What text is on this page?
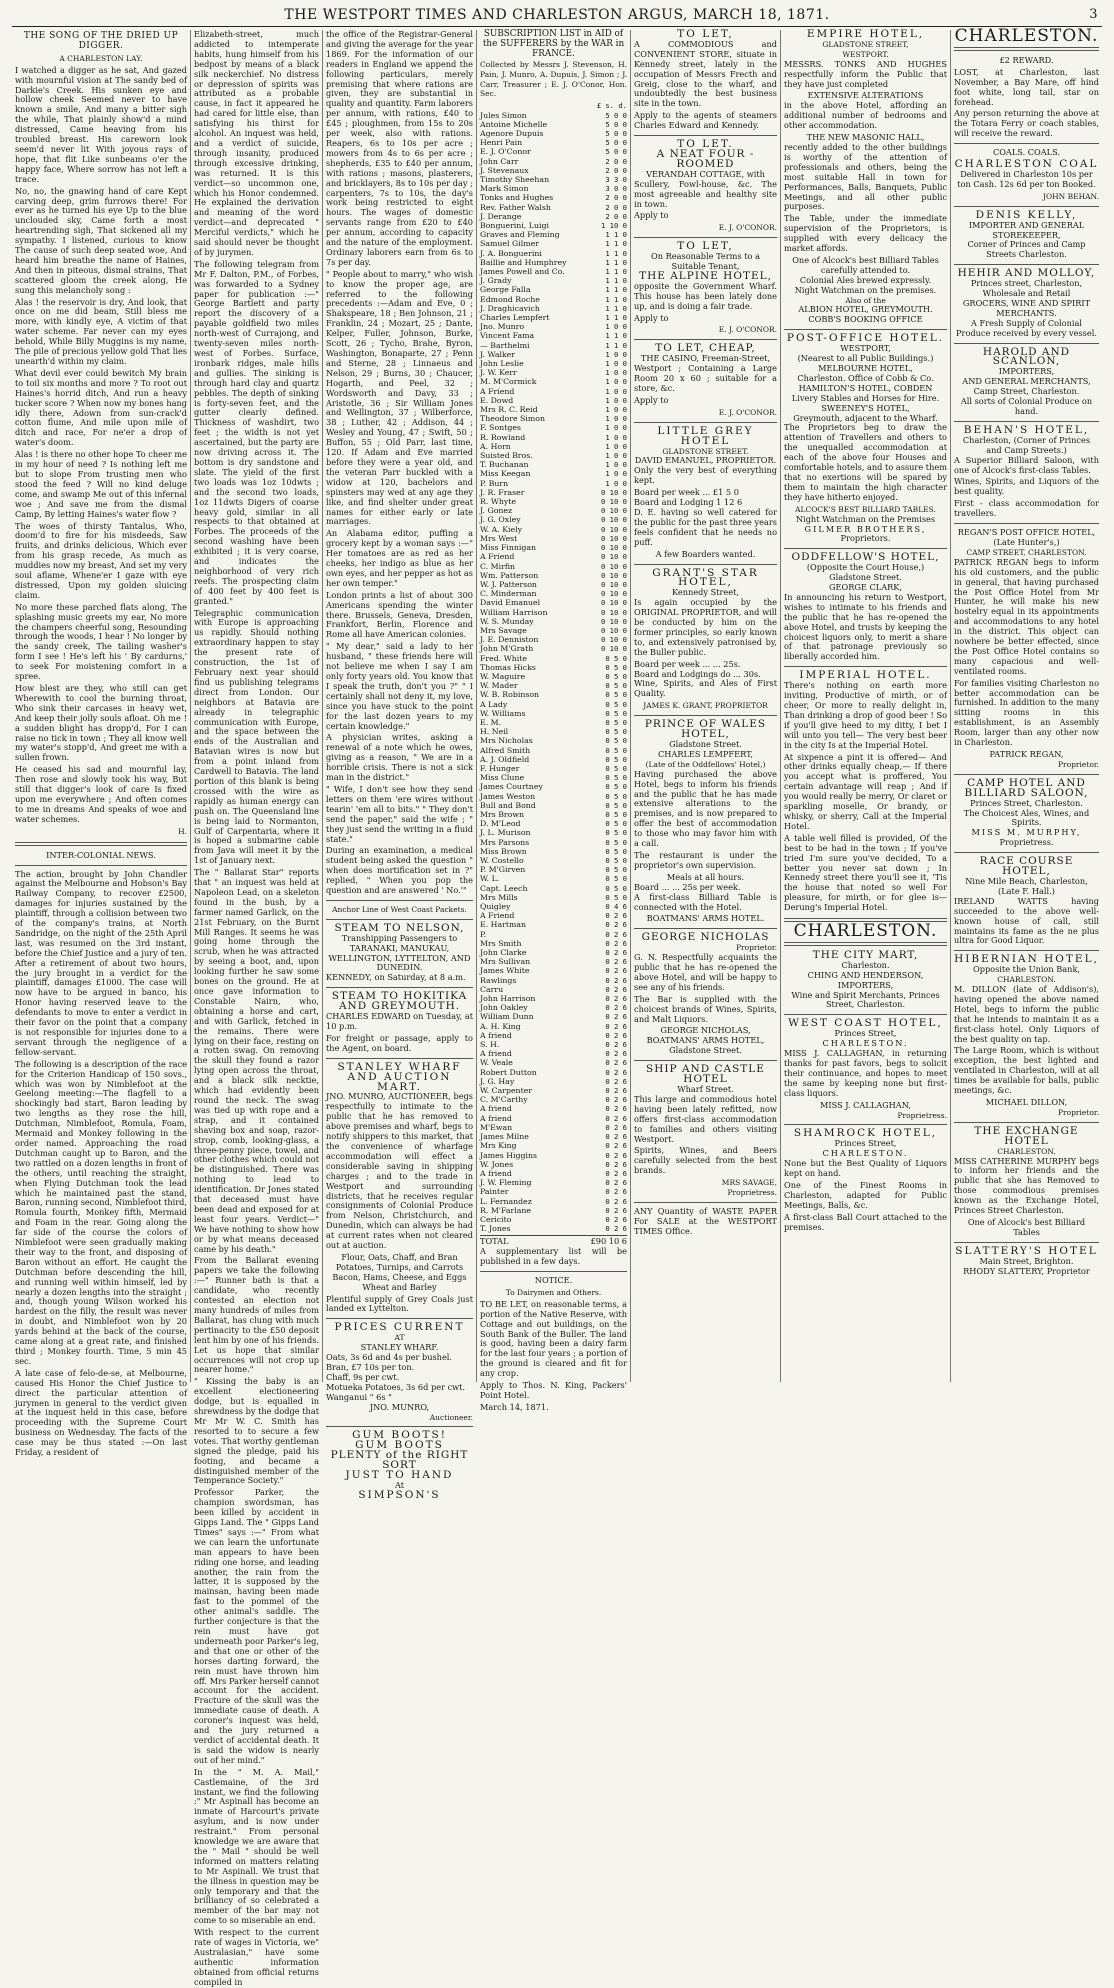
THE WESTPORT TIMES AND CHARLESTON ARGUS, MARCH 18, 1871.	3
THE SONG OF THE DRIED UP DIGGER.
A CHARLESTON LAY.

I watched a digger as he sat, And gazed with mournful vision at The sandy bed of Darkie's Creek. His sunken eye and hollow cheek Seemed never to have known a smile, And many a bitter sigh the while, That plainly show'd a mind distressed, Came heaving from his troubled breast. His careworn look seem'd never lit With joyous rays of hope, that flit Like sunbeams o'er the happy face, Where sorrow has not left a trace.

No, no, the gnawing hand of care Kept carving deep, grim furrows there! For ever as he turned his eye Up to the blue unclouded sky, Came forth a most heartrending sigh, That sickened all my sympathy. I listened, curious to know The cause of such deep seated woe, And heard him breathe the name of Haines, And then in piteous, dismal strains, That scattered gloom the creek along, He sung this melancholy song :

Alas ! the reservoir is dry, And look, that once on me did beam, Still bless me more, with kindly eye, A victim of that water scheme. Far never can my eyes behold, While Billy Muggins is my name, The pile of precious yellow gold That lies unearth'd within my claim.

What devil ever could bewitch My brain to toil six months and more ? To root out Haines's horrid ditch, And run a heavy tucker score ? When now my bones hang idly there, Adown from sun-crack'd cotton flume, And mile upon mile of ditch and race, For ne'er a drop of water's doom.

Alas ! is there no other hope To cheer me in my hour of need ? Is nothing left me but to slope From trusting men who stood the feed ? Will no kind deluge come, and swamp Me out of this infernal woe ; And save me from the dismal Camp, By letting Haines's water flow ?

The woes of thirsty Tantalus, Who, doom'd to fire for his misdeeds, Saw fruits, and drinks delicious, Which ever from his grasp recede, As much as muddies now my breast, And set my very soul aflame, Whene'er I gaze with eye distressed, Upon my golden sluicing claim.

No more these parched flats along, The splashing music greets my ear, No more the champers cheerful song, Resounding through the woods, I hear ! No longer by the sandy creek, The tailing washer's form I see ! He's left his ' By cardurns,' to seek For moistening comfort in a spree.

How blest are they, who still can get Wherewith to cool the burning throat, Who sink their carcases in heavy wet, And keep their jolly souls afloat. Oh me ! a sudden blight has dropp'd, For I can raise no tick in town ; They all know well my water's stopp'd, And greet me with a sullen frown.

He ceased his sad and mournful lay, Then rose and slowly took his way, But still that digger's look of care Is fixed upon me everywhere ; And often comes to me in dreams And speaks of woe and water schemes.

H.
INTER-COLONIAL NEWS.

The action, brought by John Chandler against the Melbourne and Hobson's Bay Railway Company, to recover £2500, damages for injuries sustained by the plaintiff, through a collision between two of the company's trains, at North Sandridge, on the night of the 25th April last, was resumed on the 3rd instant, before the Chief Justice and a jury of ten. After a retirement of about two hours, the jury brought in a verdict for the plaintiff, damages £1000. The case will now have to be argued in banco, his Honor having reserved leave to the defendants to move to enter a verdict in their favor on the point that a company is not responsible for injuries done to a servant through the negligence of a fellow-servant.

The following is a description of the race for the Criterion Handicap of 150 sovs., which was won by Nimblefoot at the Geelong meeting:—The flagfell to a shockingly bad start, Baron leading by two lengths as they rose the hill, Dutchman, Nimblefoot, Romula, Foam, Mermaid and Monkey following in the order named. Approaching the road Dutchman caught up to Baron, and the two rattled on a dozen lengths in front of the others, until reaching the straight, when Flying Dutchman took the lead which he maintained past the stand, Baron, running second, Nimblefoot third, Romula fourth, Monkey fifth, Mermaid and Foam in the rear. Going along the far side of the course the colors of Nimblefoot were seen gradually making their way to the front, and disposing of Baron without an effort. He caught the Dutchman before descending the hill, and running well within himself, led by nearly a dozen lengths into the straight ; and, though young Wilson worked his hardest on the filly, the result was never in doubt, and Nimblefoot won by 20 yards behind at the back of the course, came along at a great rate, and finished third ; Monkey fourth. Time, 5 min 45 sec.

A late case of felo-de-se, at Melbourne, caused His Honor the Chief Justice to direct the particular attention of jurymen in general to the verdict given at the inquest held in this case, before proceeding with the Supreme Court business on Wednesday. The facts of the case may be thus stated :—On last Friday, a resident of

Elizabeth-street, much addicted to intemperate habits, hung himself from his bedpost by means of a black silk neckerchief. No distress or depression of spirits was attributed as a probable cause, in fact it appeared he had cared for little else, than satisfying his thirst for alcohol. An inquest was held, and a verdict of suicide, through insanity, produced through excessive drinking, was returned. It is this verdict—so uncommon one, which his Honor condemned. He explained the derivation and meaning of the word verdict—and deprecated " Merciful verdicts," which he said should never be thought of by jurymen.

The following telegram from Mr F. Dalton, P.M., of Forbes, was forwarded to a Sydney paper for publication :—" George Bartlett and party report the discovery of a payable goldfield two miles north-west of Currajong, and twenty-seven miles north-west of Forbes. Surface, ironbark ridges, male hills and gullies. The sinking is through hard clay and quartz pebbles. The depth of sinking is forty-seven feet, and the gutter clearly defined. Thickness of washdirt, two feet ; the width is not yet ascertained, but the party are now driving across it. The bottom is dry sandstone and slate. The yield of the first two loads was 1oz 10dwts ; and the second two loads, 1oz 11dwts Digers of coarse heavy gold, similar in all respects to that obtained at Forbes. The proceeds of the second washing have been exhibited ; it is very coarse, and indicates the neighborhood of very rich reefs. The prospecting claim of 400 feet by 400 feet is granted."

Telegraphic communication with Europe is approaching us rapidly. Should nothing extraordinary happen to stay the present rate of construction, the 1st of February next year should find us publishing telegrams direct from London. Our neighbors at Batavia are already in telegraphic communication with Europe, and the space between the ends of the Australian and Batavian wires is now but from a point inland from Cardwell to Batavia. The land portion of this blank is being crossed with the wire as rapidly as human energy can push on. The Queensland line is being laid to Normanton, Gulf of Carpentaria, where it is hoped a submarine cable from Java will meet it by the 1st of January next.

The " Ballarat Star" reports that " an inquest was held at Napoleon Lead, on a skeleton found in the bush, by a farmer named Garlick, on the 21st February, on the Burnt Mill Ranges. It seems he was going home through the scrub, when he was attracted by seeing a boot, and, upon looking further he saw some bones on the ground. He at once gave information to Constable Nairn, who, obtaining a horse and cart, and with Garlick, fetched in the remains. There were lying on their face, resting on a rotten swag. On removing the skull they found a razor lying open across the throat, and a black silk necktie, which had evidently been round the neck. The swag was tied up with rope and a strap, and it contained shaving box and soap, razor-strop, comb, looking-glass, a three-penny piece, towel, and other clothes which could not be distinguished. There was nothing to lead to identification. Dr Jones stated that deceased must have been dead and exposed for at least four years. Verdict—" We have nothing to show how or by what means deceased came by his death."

From the Ballarat evening papers we take the following :—" Runner bath is that a candidate, who recently contested an election not many hundreds of miles from Ballarat, has clung with much pertinacity to the £50 deposit lent him by one of his friends. Let us hope that similar occurrences will not crop up nearer home."

" Kissing the baby is an excellent electioneering dodge, but is equalled in shrewdness by the dodge that Mr Mr W. C. Smith has resorted to to secure a few votes. That worthy gentleman signed the pledge, paid his footing, and became a distinguished member of the Temperance Society."

Professor Parker, the champion swordsman, has been killed by accident in Gipps Land. The " Gipps Land Times" says :—" From what we can learn the unfortunate man appears to have been riding one horse, and leading another, the rain from the latter, it is supposed by the mainsan, having been made fast to the pommel of the other animal's saddle. The further conjecture is that the rein must have got underneath poor Parker's leg, and that one or other of the horses darting forward, the rein must have thrown him off. Mrs Parker herself cannot account for the accident. Fracture of the skull was the immediate cause of death. A coroner's inquest was held, and the jury returned a verdict of accidental death. It is said the widow is nearly out of her mind."

In the " M. A. Mail," Castlemaine, of the 3rd instant, we find the following :" Mr Aspinall has become an inmate of Harcourt's private asylum, and is now under restraint." From personal knowledge we are aware that the " Mail " should be well informed on matters relating to Mr Aspinall. We trust that the illness in question may be only temporary and that the brilliancy of so celebrated a member of the bar may not come to so miserable an end.

With respect to the current rate of wages in Victoria, we" Australasian," have some authentic information obtained from official returns compiled in

the office of the Registrar-General and giving the average for the year 1869. For the information of our readers in England we append the following particulars, merely premising that where rations are given, they are substantial in quality and quantity. Farm laborers per annum, with rations, £40 to £45 ; ploughmen, from 15s to 20s per week, also with rations. Reapers, 6s to 10s per acre ; mowers from 4s to 6s per acre ; shepherds, £35 to £40 per annum, with rations ; masons, plasterers, and bricklayers, 8s to 10s per day ; carpenters, 7s to 10s, the day's work being restricted to eight hours. The wages of domestic servants range from £20 to £40 per annum, according to capacity and the nature of the employment. Ordinary laborers earn from 6s to 7s per day.

" People about to marry," who wish to know the proper age, are referred to the following precedents :—Adam and Eve, 0 ; Shakspeare, 18 ; Ben Johnson, 21 ; Franklin, 24 ; Mozart, 25 ; Dante, Kelper, Fuller, Johnson, Burke, Scott, 26 ; Tycho, Brahe, Byron, Washington, Bonaparte, 27 ; Penn and Sterne, 28 ; Linnaeus and Nelson, 29 ; Burns, 30 ; Chaucer, Hogarth, and Peel, 32 ; Wordsworth and Davy, 33 ; Aristotle, 36 ; Sir William Jones and Wellington, 37 ; Wilberforce, 38 ; Luther, 42 ; Addison, 44 ; Wesley and Young, 47 ; Swift, 50 ; Buffon, 55 ; Old Parr, last time, 120. If Adam and Eve married before they were a year old, and the veteran Parr buckled with a widow at 120, bachelors and spinsters may wed at any age they like, and find shelter under great names for either early or late marriages.

An Alabama editor, puffing a grocery kept by a woman says :—" Her tomatoes are as red as her cheeks, her indigo as blue as her own eyes, and her pepper as hot as her own temper."

London prints a list of about 300 Americans spending the winter there. Brussels, Geneva, Dresden, Frankfort, Berlin, Florence and Rome all have American colonies.

" My dear," said a lady to her husband, " these friends here will not believe me when I say I am only forty years old. You know that I speak the truth, don't you ?" " I certainly shall not deny it, my love, since you have stuck to the point for the last dozen years to my certain knowledge."

A physician writes, asking a renewal of a note which he owes, giving as a reason, " We are in a horrible crisis. There is not a sick man in the district."

" Wife, I don't see how they send letters on them 'ere wires without tearin' 'em all to bits." " They don't send the paper," said the wife ; " they just send the writing in a fluid state."

During an examination, a medical student being asked the question " when does mortification set in ?" replied, " When you pop the question and are answered ' No.'"

Anchor Line of West Coast Packets.
STEAM TO NELSON,
Transhipping Passengers to
TARANAKI, MANUKAU, WELLINGTON, LYTTELTON, AND DUNEDIN.

KENNEDY, on Saturday, at 8 a.m.

STEAM TO HOKITIKA AND GREYMOUTH.

CHARLES EDWARD on Tuesday, at 10 p.m.

For freight or passage, apply to the Agent, on board.

STANLEY WHARF AND AUCTION MART.

JNO. MUNRO, AUCTIONEER, begs respectfully to intimate to the public that he has removed to above premises and wharf, begs to notify shippers to this market, that the convenience of wharfage accommodation will effect a considerable saving in shipping charges ; and to the trade in Westport and surrounding districts, that he receives regular consignments of Colonial Produce from Nelson, Christchurch, and Dunedin, which can always be had at current rates when not cleared out at auction.

Flour, Oats, Chaff, and Bran Potatoes, Turnips, and Carrots Bacon, Hams, Cheese, and Eggs Wheat and Barley

Plentiful supply of Grey Coals just landed ex Lyttelton.

PRICES CURRENT
AT
STANLEY WHARF.
Oats, 3s 6d and 4s per bushel.
Bran, £7 10s per ton.
Chaff, 9s per cwt.
Motueka Potatoes, 3s 6d per cwt.
Wanganui " 6s "
JNO. MUNRO,
Auctioneer.
GUM BOOTS!
GUM BOOTS
PLENTY of the RIGHT SORT
JUST TO HAND
At
SIMPSON'S
SUBSCRIPTION LIST in AID of the SUFFERERS by the WAR in FRANCE.

Collected by Messrs J. Stevenson, H. Pain, J. Munro, A. Dupuis, J. Simon ; J. Carr, Treasurer ; E. J. O'Conor, Hon. Sec.

£ s. d.
Jules Simon	5 0 0
Antoine Michelle	5 0 0
Agenore Dupuis	5 0 0
Henri Pain	5 0 0
E. J. O'Conor	5 0 0
John Carr	2 0 0
J. Stevenaux	2 0 0
Timothy Sheehan	3 3 0
Mark Simon	3 0 0
Tonks and Hughes	2 0 0
Rev. Father Walsh	2 0 0
J. Derange	2 0 0
Bonguerini, Luigi	1 10 0
Graves and Fleming	1 1 0
Samuel Gilmer	1 1 0
J. A. Bonguerini	1 1 0
Baillie and Humphrey	1 1 0
James Powell and Co.	1 1 0
J. Grady	1 1 0
George Falla	1 1 0
Edmond Roche	1 1 0
J. Draghicavich	1 1 0
Charles Lempfert	1 1 0
Jno. Munro	1 0 0
Vincent Fama	1 1 0
— Barthelmi	1 1 0
J. Walker	1 0 0
John Leslie	1 0 0
J. W. Kerr	1 0 0
M. M'Cormick	1 0 0
A Friend	1 0 0
E. Dowd	1 0 0
Mrs R. C. Reid	1 0 0
Theodore Simon	1 0 0
F. Sontges	1 0 0
R. Rowland	1 0 0
A. Horn	1 0 0
Suisted Bros.	1 0 0
T. Buchanan	1 0 0
Miss Keegan	1 0 0
P. Burn	1 0 0
J. R. Fraser	0 10 0
R. Whyte	0 10 0
J. Gonez	0 10 0
J. G. Oxley	0 10 0
W. A. Kiely	0 10 0
Mrs West	0 10 0
Miss Finnigan	0 10 0
A Friend	0 10 0
C. Mirfin	0 10 0
Wm. Patterson	0 10 0
W. J. Patterson	0 10 0
C. Minderman	0 10 0
David Emanuel	0 10 0
William Harrison	0 10 0
W. S. Munday	0 10 0
Mrs Savage	0 10 0
J. E. Denniston	0 10 0
John M'Grath	0 10 0
Fred. White	0 5 0
Thomas Hicks	0 5 0
W. Maguire	0 5 0
W. Mader	0 5 0
W. B. Robinson	0 5 0
A Lady	0 5 0
W. Williams	0 5 0
E. M.	0 5 0
H. Neil	0 5 0
Mrs Nicholas	0 5 0
Alfred Smith	0 5 0
A. J. Oldfield	0 5 0
F. Hunger	0 5 0
Miss Clune	0 5 0
James Courtney	0 5 0
James Weston	0 5 0
Bull and Bond	0 5 0
Mrs Brown	0 5 0
D. M'Leod	0 5 0
J. L. Murison	0 5 0
Mrs Parsons	0 5 0
Miss Brown	0 5 0
W. Costello	0 5 0
P. M'Girven	0 5 0
W. L.	0 5 0
Capt. Leech	0 5 0
Mrs Mills	0 5 0
Quigley	0 4 6
A Friend	0 2 6
E. Hartman	0 2 6
P.	0 2 6
Mrs Smith	0 2 6
John Clarke	0 2 6
Mrs Sullivan	0 2 6
James White	0 2 6
Rawlings	0 2 6
Carru	0 2 6
John Harrison	0 2 6
John Oakley	0 2 6
William Dunn	0 2 6
A. H. King	0 2 6
A friend	0 2 6
S. H.	0 2 6
A friend	0 2 6
W. Veale	0 2 6
Robert Dutton	0 2 6
J. G. Hay	0 2 6
W. Carpenter	0 2 6
C. M'Carthy	0 2 6
A friend	0 2 6
A friend	0 2 6
M'Ewan	0 2 6
James Milne	0 2 6
Mrs King	0 2 6
James Higgins	0 2 6
W. Jones	0 2 6
A friend	0 2 6
J. W. Fleming	0 2 6
Painter	0 2 6
L. Fernandez	0 2 6
R. M'Farlane	0 2 6
Cericito	0 2 6
T. Jones	0 2 6
TOTAL	£90 10 6

A supplementary list will be published in a few days.

NOTICE.
To Dairymen and Others.

TO BE LET, on reasonable terms, a portion of the Native Reserve, with Cottage and out buildings, on the South Bank of the Buller. The land is good, having been a dairy farm for the last four years ; a portion of the ground is cleared and fit for any crop.

Apply to Thos. N. King, Packers' Point Hotel.

March 14, 1871.

TO LET,

A COMMODIOUS and CONVENIENT STORE, situate in Kennedy street, lately in the occupation of Messrs Frecth and Greig, close to the wharf, and undoubtedly the best business site in the town.

Apply to the agents of steamers Charles Edward and Kennedy.

TO LET.
A NEAT FOUR - ROOMED
VERANDAH COTTAGE, with

Scullery, Fowl-house, &c. The most agreeable and healthy site in town.

Apply to

E. J. O'CONOR.
TO LET,
On Reasonable Terms to a Suitable Tenant,
THE ALPINE HOTEL,

opposite the Government Wharf. This house has been lately done up, and is doing a fair trade.

Apply to

E. J. O'CONOR.
TO LET, CHEAP,
THE CASINO, Freeman-Street,

Westport ; Containing a Large Room 20 x 60 ; suitable for a store, &c.

Apply to

E. J. O'CONOR.
LITTLE GREY HOTEL
GLADSTONE STREET.
DAVID EMANUEL, PROPRIETOR.

Only the very best of everything kept.

Board per week ... £1 5 0
Board and Lodging 1 12 6

D. E. having so well catered for the public for the past three years feels confident that he needs no puff.

A few Boarders wanted.
GRANT'S STAR HOTEL,
Kennedy Street,

Is again occupied by the ORIGINAL PROPRIETOR, and will be conducted by him on the former principles, so early known to, and extensively patronised by, the Buller public.

Board per week ... ... 25s.
Board and Lodgings do ... 30s.

Wine, Spirits, and Ales of First Quality.

JAMES K. GRANT, PROPRIETOR
PRINCE OF WALES HOTEL,
Gladstone Street.
CHARLES LEMPFERT,
(Late of the Oddfellows' Hotel,)

Having purchased the above Hotel, begs to inform his friends and the public that he has made extensive alterations to the premises, and is now prepared to offer the best of accommodation to those who may favor him with a call.

The restaurant is under the proprietor's own supervision.

Meals at all hours.
Board ... ... 25s per week.

A first-class Billiard Table is connected with the Hotel.

BOATMANS' ARMS HOTEL.
GEORGE NICHOLAS
Proprietor.

G. N. Respectfully acquaints the public that he has re-opened the above Hotel, and will be happy to see any of his friends.

The Bar is supplied with the choicest brands of Wines, Spirits, and Malt Liquors.

GEORGE NICHOLAS,
BOATMANS' ARMS HOTEL,
Gladstone Street.
SHIP AND CASTLE HOTEL
Wharf Street.

This large and commodious hotel having been lately refitted, now offers first-class accommodation to families and others visiting Westport.

Spirits, Wines, and Beers carefully selected from the best brands.

MRS SAVAGE,
Proprietress.

ANY Quantity of WASTE PAPER For SALE at the WESTPORT TIMES Office.

EMPIRE HOTEL,
GLADSTONE STREET,
WESTPORT.

MESSRS. TONKS AND HUGHES respectfully inform the Public that they have just completed

EXTENSIVE ALTERATIONS

in the above Hotel, affording an additional number of bedrooms and other accommodation.

THE NEW MASONIC HALL,

recently added to the other buildings is worthy of the attention of professionals and others, being the most suitable Hall in town for Performances, Balls, Banquets, Public Meetings, and all other public purposes.

The Table, under the immediate supervision of the Proprietors, is supplied with every delicacy the market affords.

One of Alcock's best Billiard Tables carefully attended to.
Colonial Ales brewed expressly.
Night Watchman on the premises.
Also of the
ALBION HOTEL, GREYMOUTH.
COBB'S BOOKING OFFICE
POST-OFFICE HOTEL.
WESTPORT,
(Nearest to all Public Buildings.)
MELBOURNE HOTEL,
Charleston. Office of Cobb & Co.
HAMILTON'S HOTEL, COBDEN
Livery Stables and Horses for Hire.
SWEENEY'S HOTEL,
Greymouth, adjacent to the Wharf.

The Proprietors beg to draw the attention of Travellers and others to the unequalled accommodation at each of the above four Houses and comfortable hotels, and to assure them that no exertions will be spared by them to maintain the high character they have hitherto enjoyed.

ALCOCK'S BEST BILLIARD TABLES.
Night Watchman on the Premises
GILMER BROTHERS,
Proprietors.
ODDFELLOW'S HOTEL,
(Opposite the Court House,)
Gladstone Street.
GEORGE CLARK,

In announcing his return to Westport, wishes to intimate to his friends and the public that he has re-opened the above Hotel, and trusts by keeping the choicest liquors only, to merit a share of that patronage previously so liberally accorded him.

IMPERIAL HOTEL.

There's nothing on earth more inviting, Productive of mirth, or of cheer, Or more to really delight in, Than drinking a drop of good beer ! So if you'll give heed to my ditty, I bet I will unto you tell— The very best beer in the city Is at the Imperial Hotel.

At sixpence a pint it is offered— And other drinks equally cheap,— If there you accept what is proffered, You certain advantage will reap ; And if you would really be merry, Or claret or sparkling moselle, Or brandy, or whisky, or sherry, Call at the Imperial Hotel.

A table well filled is provided, Of the best to be had in the town ; If you've tried I'm sure you've decided, To a better you never sat down ; In Kennedy street there you'll see it, 'Tis the house that noted so well For pleasure, for mirth, or for glee is— Derung's Imperial Hotel.

CHARLESTON.
THE CITY MART,
Charleston.
CHING AND HENDERSON, IMPORTERS,

Wine and Spirit Merchants, Princes Street, Charleston.

WEST COAST HOTEL,
Princes Street,
CHARLESTON.

MISS J. CALLAGHAN, in returning thanks for past favors, begs to solicit their continuance, and hopes to meet the same by keeping none but first-class liquors.

MISS J. CALLAGHAN,
Proprietress.
SHAMROCK HOTEL,
Princes Street,
CHARLESTON.

None but the Best Quality of Liquors kept on hand.

One of the Finest Rooms in Charleston, adapted for Public Meetings, Balls, &c.

A first-class Ball Court attached to the premises.

CHARLESTON.
£2 REWARD.

LOST, at Charleston, last November, a Bay Mare, off hind foot white, long tail, star on forehead.

Any person returning the above at the Totara Ferry or coach stables, will receive the reward.

COALS. COALS.
CHARLESTON COAL

Delivered in Charleston 10s per ton Cash. 12s 6d per ton Booked.

JOHN BEHAN.
DENIS KELLY,
IMPORTER AND GENERAL STOREKEEPER,

Corner of Princes and Camp Streets Charleston.

HEHIR AND MOLLOY,
Princes street, Charleston,
Wholesale and Retail
GROCERS, WINE AND SPIRIT MERCHANTS.

A Fresh Supply of Colonial Produce received by every vessel.

HAROLD AND SCANLON,
IMPORTERS,
AND GENERAL MERCHANTS,
Camp Street, Charleston.
All sorts of Colonial Produce on hand.
BEHAN'S HOTEL,
Charleston, (Corner of Princes and Camp Streets.)

A Superior Billiard Saloon, with one of Alcock's first-class Tables.

Wines, Spirits, and Liquors of the best quality.

First - class accommodation for travellers.

REGAN'S POST OFFICE HOTEL,
(Late Hunter's,)
CAMP STREET, CHARLESTON.

PATRICK REGAN begs to inform his old customers, and the public in general, that having purchased the Post Office Hotel from Mr Hunter, he will make his new hostelry equal in its appointments and accommodations to any hotel in the district. This object can nowhere be better effected, since the Post Office Hotel contains so many capacious and well-ventilated rooms.

For families visiting Charleston no better accommodation can be furnished. In addition to the many sitting rooms in this establishment, is an Assembly Room, larger than any other now in Charleston.

PATRICK REGAN,
Proprietor.
CAMP HOTEL AND BILLIARD SALOON,
Princes Street, Charleston.
The Choicest Ales, Wines, and Spirits.
MISS M. MURPHY,
Proprietress.
RACE COURSE HOTEL,
Nine Mile Beach, Charleston,
(Late F. Hall.)

IRELAND WATTS having succeeded to the above well-known house of call, still maintains its fame as the ne plus ultra for Good Liquor.

HIBERNIAN HOTEL,
Opposite the Union Bank,
CHARLESTON.

M. DILLON (late of Addison's), having opened the above named Hotel, begs to inform the public that he intends to maintain it as a first-class hotel. Only Liquors of the best quality on tap.

The Large Room, which is without exception, the best lighted and ventilated in Charleston, will at all times be available for balls, public meetings, &c.

MICHAEL DILLON,
Proprietor.
THE EXCHANGE HOTEL
CHARLESTON.

MISS CATHERINE MURPHY begs to inform her friends and the public that she has Removed to those commodious premises known as the Exchange Hotel, Princes Street Charleston.

One of Alcock's best Billiard Tables
SLATTERY'S HOTEL
Main Street, Brighton.
RHODY SLATTERY, Proprietor
